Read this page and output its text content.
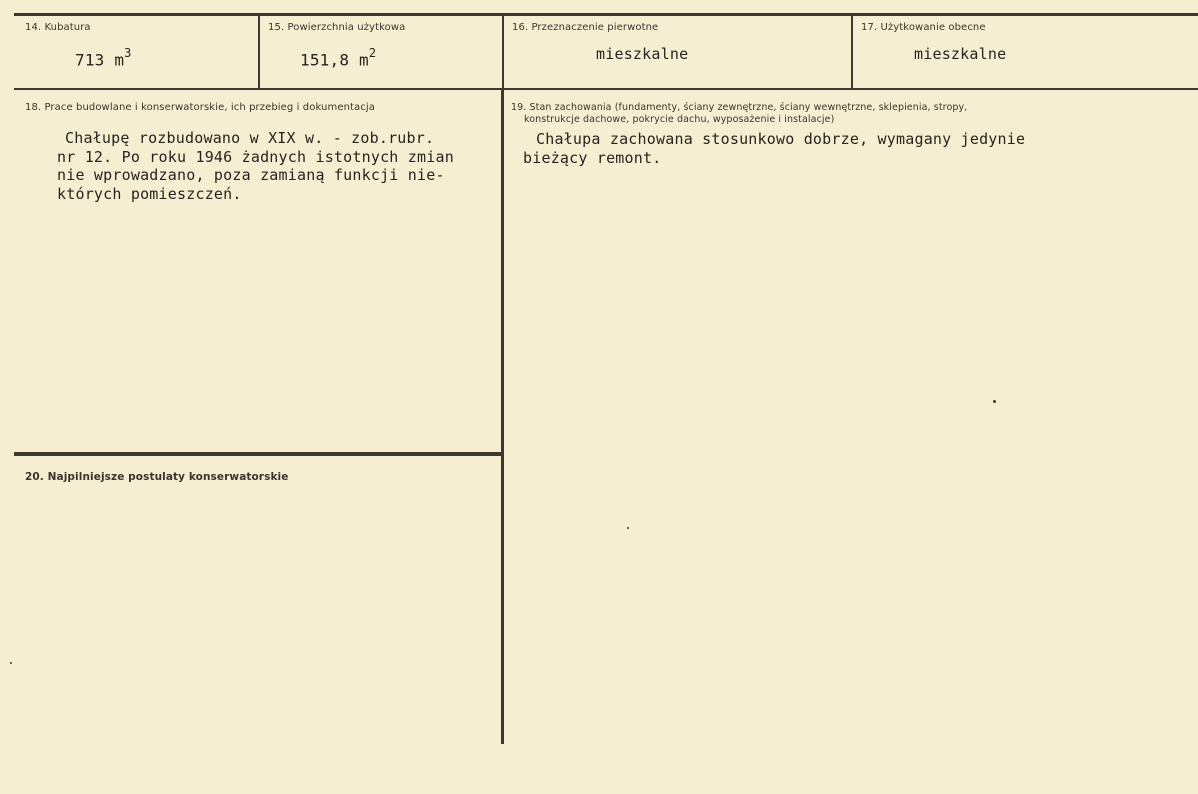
14. Kubatura
713 $m^3$
15. Powierzchnia użytkowa
151,8 $m^2$
16. Przeznaczenie pierwotne
mieszkalne
17. Użytkowanie obecne
mieszkalne
18. Prace budowlane i konserwatorskie, ich przebieg i dokumentacja
Chałupę rozbudowano w XIX w. - zob.rubr.
nr 12. Po roku 1946 żadnych istotnych zmian
nie wprowadzano, poza zamianą funkcji nie-
których pomieszczeń.
19. Stan zachowania (fundamenty, ściany zewnętrzne, ściany wewnętrzne, sklepienia, stropy,
konstrukcje dachowe, pokrycie dachu, wyposażenie i instalacje)
Chałupa zachowana stosunkowo dobrze, wymagany jedynie
bieżący remont.
20. Najpilniejsze postulaty konserwatorskie
